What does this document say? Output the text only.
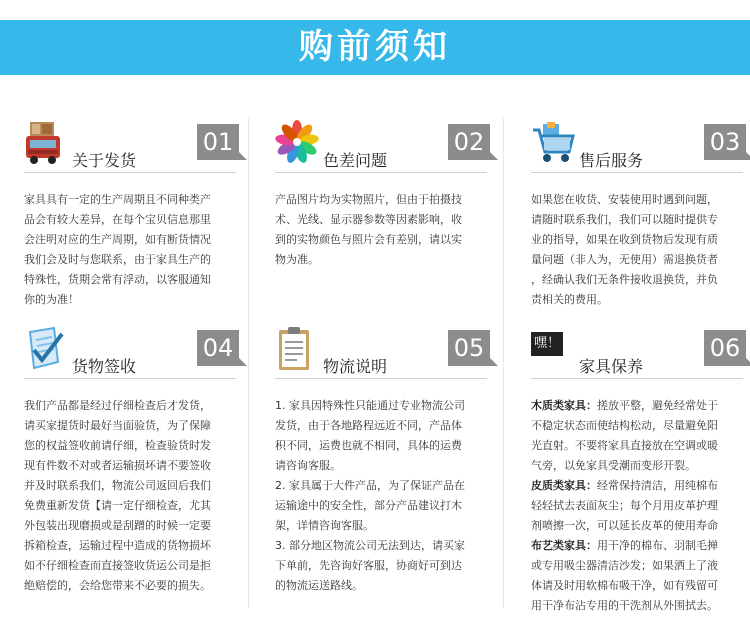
购前须知
关于发货
01

家具具有一定的生产周期且不同种类产

品会有较大差异，在每个宝贝信息那里

会注明对应的生产周期，如有断货情况

我们会及时与您联系，由于家具生产的

特殊性，货期会常有浮动，以客服通知

你的为准！

色差问题
02

产品图片均为实物照片，但由于拍摄技

术、光线、显示器参数等因素影响，收

到的实物颜色与照片会有差别，请以实

物为准。

售后服务
03

如果您在收货、安装使用时遇到问题，

请随时联系我们，我们可以随时提供专

业的指导，如果在收到货物后发现有质

量问题（非人为，无使用）需退换货者

，经确认我们无条件接收退换货，并负

责相关的费用。

货物签收
04

我们产品都是经过仔细检查后才发货，

请买家提货时最好当面验货，为了保障

您的权益签收前请仔细，检查验货时发

现有件数不对或者运输损坏请不要签收

并及时联系我们，物流公司返回后我们

免费重新发货【请一定仔细检查，尤其

外包装出现磨损或是刮蹭的时候一定要

拆箱检查，运输过程中造成的货物损坏

如不仔细检查而直接签收货运公司是拒

绝赔偿的，会给您带来不必要的损失。

物流说明
05

1. 家具因特殊性只能通过专业物流公司

发货，由于各地路程远近不同，产品体

积不同，运费也就不相同，具体的运费

请咨询客服。

2. 家具属于大件产品，为了保证产品在

运输途中的安全性，部分产品建议打木

架，详情咨询客服。

3. 部分地区物流公司无法到达，请买家

下单前，先咨询好客服，协商好可到达

的物流运送路线。

嘿！
家具保养
06

木质类家具：搓放平整，避免经常处于

不稳定状态而使结构松动，尽量避免阳

光直射。不要将家具直接放在空调或暖

气旁，以免家具受潮而变形开裂。

皮质类家具：经常保持清洁，用纯棉布

轻轻拭去表面灰尘；每个月用皮革护理

剂喷擦一次，可以延长皮革的使用寿命

布艺类家具：用干净的棉布、羽制毛掸

或专用吸尘器清洁沙发；如果洒上了液

体请及时用软棉布吸干净，如有残留可

用干净布沾专用的干洗剂从外围拭去。
